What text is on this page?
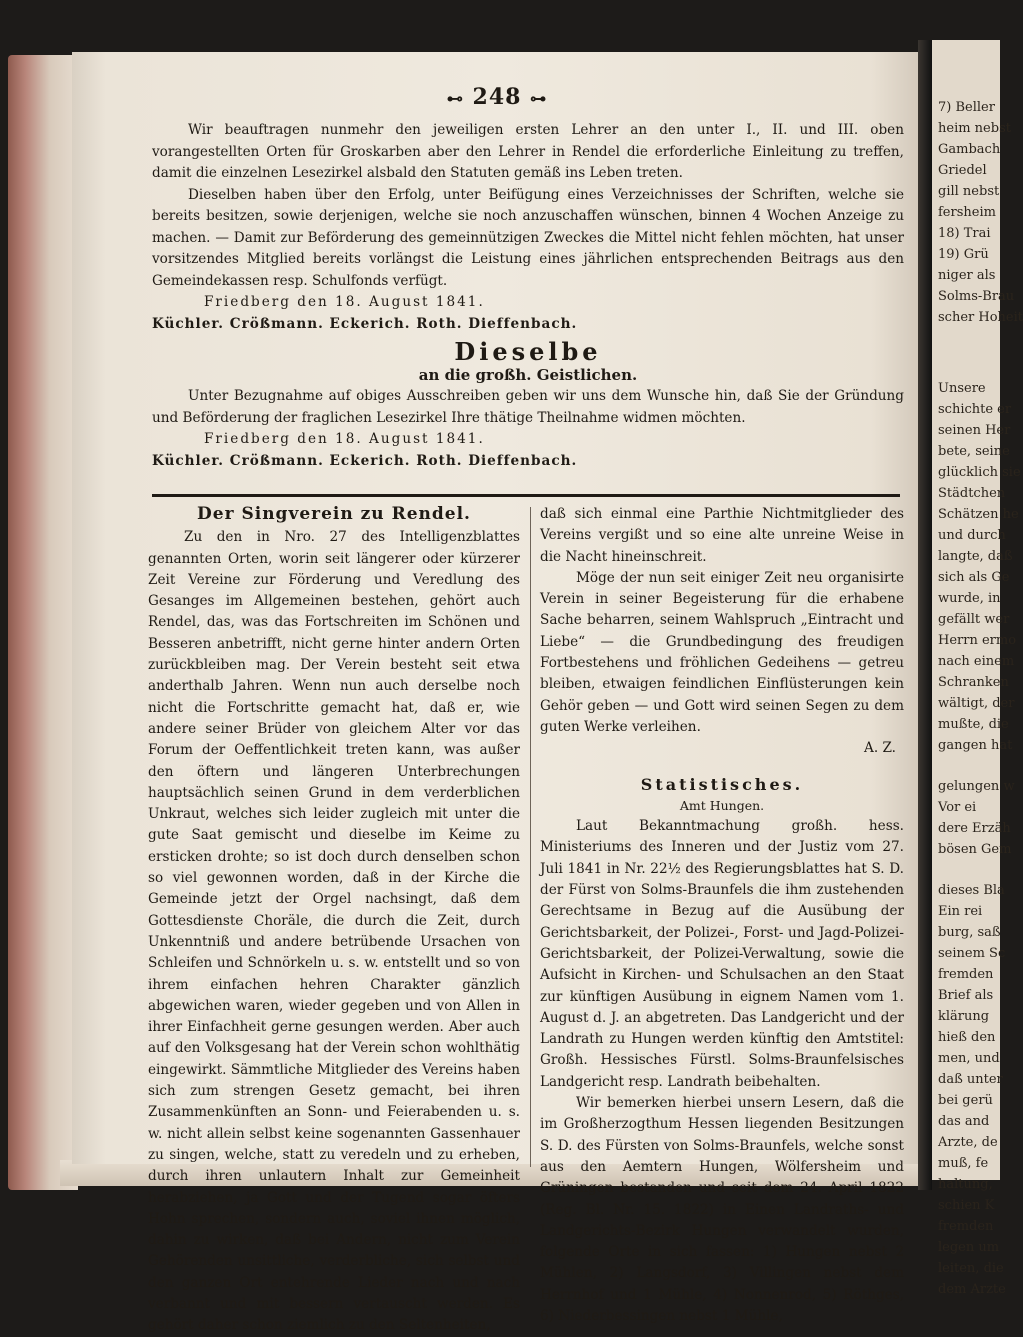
⊷ 248 ⊶

Wir beauftragen nunmehr den jeweiligen ersten Lehrer an den unter I., II. und III. oben vorangestellten Orten für Groskarben aber den Lehrer in Rendel die erforderliche Einleitung zu treffen, damit die einzelnen Lesezirkel alsbald den Statuten gemäß ins Leben treten.

Dieselben haben über den Erfolg, unter Beifügung eines Verzeichnisses der Schriften, welche sie bereits besitzen, sowie derjenigen, welche sie noch anzuschaffen wünschen, binnen 4 Wochen Anzeige zu machen. — Damit zur Beförderung des gemeinnützigen Zweckes die Mittel nicht fehlen möchten, hat unser vorsitzendes Mitglied bereits vorlängst die Leistung eines jährlichen entsprechenden Beitrags aus den Gemeindekassen resp. Schulfonds verfügt.

Friedberg den 18. August 1841.

Küchler. Crößmann. Eckerich. Roth. Dieffenbach.

Dieselbe
an die großh. Geistlichen.

Unter Bezugnahme auf obiges Ausschreiben geben wir uns dem Wunsche hin, daß Sie der Gründung und Beförderung der fraglichen Lesezirkel Ihre thätige Theilnahme widmen möchten.

Friedberg den 18. August 1841.

Küchler. Crößmann. Eckerich. Roth. Dieffenbach.

Der Singverein zu Rendel.

Zu den in Nro. 27 des Intelligenzblattes genannten Orten, worin seit längerer oder kürzerer Zeit Vereine zur Förderung und Veredlung des Gesanges im Allgemeinen bestehen, gehört auch Rendel, das, was das Fortschreiten im Schönen und Besseren anbetrifft, nicht gerne hinter andern Orten zurückbleiben mag. Der Verein besteht seit etwa anderthalb Jahren. Wenn nun auch derselbe noch nicht die Fortschritte gemacht hat, daß er, wie andere seiner Brüder von gleichem Alter vor das Forum der Oeffentlichkeit treten kann, was außer den öftern und längeren Unterbrechungen hauptsächlich seinen Grund in dem verderblichen Unkraut, welches sich leider zugleich mit unter die gute Saat gemischt und dieselbe im Keime zu ersticken drohte; so ist doch durch denselben schon so viel gewonnen worden, daß in der Kirche die Gemeinde jetzt der Orgel nachsingt, daß dem Gottesdienste Choräle, die durch die Zeit, durch Unkenntniß und andere betrübende Ursachen von Schleifen und Schnörkeln u. s. w. entstellt und so von ihrem einfachen hehren Charakter gänzlich abgewichen waren, wieder gegeben und von Allen in ihrer Einfachheit gerne gesungen werden. Aber auch auf den Volksgesang hat der Verein schon wohlthätig eingewirkt. Sämmtliche Mitglieder des Vereins haben sich zum strengen Gesetz gemacht, bei ihren Zusammenkünften an Sonn- und Feierabenden u. s. w. nicht allein selbst keine sogenannten Gassenhauer zu singen, welche, statt zu veredeln und zu erheben, durch ihren unlautern Inhalt zur Gemeinheit herabziehen, ja Gott und der Tugend sogar öfters Hohn sprechen, sondern auch, soviel ihnen möglich, dahin zu wirken, daß bei Andern, nicht zum Verein Gehörenden unsittliche, verderbliche, sich selbst und den ganzen Ort entehrende Lieder nach und nach verbannt und mit bessern vertauscht werden. Es gehört daher schon ziemlich zu den Seltenheiten,

daß sich einmal eine Parthie Nichtmitglieder des Vereins vergißt und so eine alte unreine Weise in die Nacht hineinschreit.

Möge der nun seit einiger Zeit neu organisirte Verein in seiner Begeisterung für die erhabene Sache beharren, seinem Wahlspruch „Eintracht und Liebe“ — die Grundbedingung des freudigen Fortbestehens und fröhlichen Gedeihens — getreu bleiben, etwaigen feindlichen Einflüsterungen kein Gehör geben — und Gott wird seinen Segen zu dem guten Werke verleihen.

A. Z.

Statistisches.
Amt Hungen.

Laut Bekanntmachung großh. hess. Ministeriums des Inneren und der Justiz vom 27. Juli 1841 in Nr. 22½ des Regierungsblattes hat S. D. der Fürst von Solms-Braunfels die ihm zustehenden Gerechtsame in Bezug auf die Ausübung der Gerichtsbarkeit, der Polizei-, Forst- und Jagd-Polizei-Gerichtsbarkeit, der Polizei-Verwaltung, sowie die Aufsicht in Kirchen- und Schulsachen an den Staat zur künftigen Ausübung in eignem Namen vom 1. August d. J. an abgetreten. Das Landgericht und der Landrath zu Hungen werden künftig den Amtstitel: Großh. Hessisches Fürstl. Solms-Braunfelsisches Landgericht resp. Landrath beibehalten.

Wir bemerken hierbei unsern Lesern, daß die im Großherzogthum Hessen liegenden Besitzungen S. D. des Fürsten von Solms-Braunfels, welche sonst aus den Aemtern Hungen, Wölfersheim und Grüningen bestanden und seit dem 24. April 1822 (Reg. Bl. Nr. 15. 1822) in Einen Landraths- und Landgerichts-Bezirk Hungen verwandelt wurden, folgende Orte in sich fassen: 1) Hungen nebst 2 Mühlen, 2) Langsdorf, 3) Villingen nebst dem Herrnhof und 1 Mühle, 4) Nonnenrod, 5) Röthges, 6) Niederbessingen nebst 1 Mühle,

7) Beller
heim nebst
Gambach
Griedel
gill nebst
fersheim
18) Trai
19) Grü
niger als
Solms-Brau
scher Hoheit
Unsere
schichte er
seinen Her
bete, seine
glücklich sie
Städtchen
Schätzen he
und durch
langte, daß
sich als Ge
wurde, in
gefällt wer
Herrn ermo
nach einem
Schranken
wältigt, der
mußte, die
gangen hat
gelungen w
Vor ei
dere Erzäh
bösen Gem
dieses Bla
Ein rei
burg, saß
seinem Sc
fremden
Brief als
klärung
hieß den
men, und
daß unter
bei gerü
das and
Arzte, de
muß, fe
haltung,
schien K
fremden
legen um
leiten, die
dem Arzte
